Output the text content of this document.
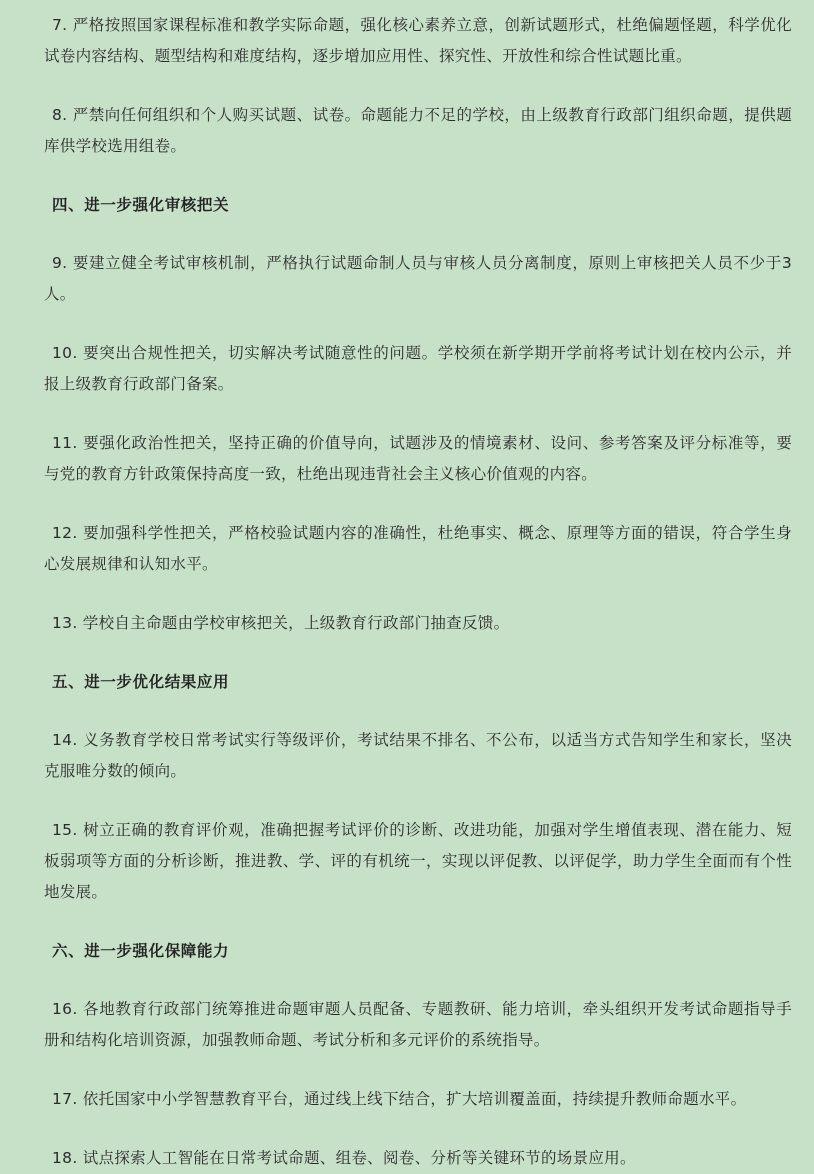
7. 严格按照国家课程标准和教学实际命题，强化核心素养立意，创新试题形式，杜绝偏题怪题，科学优化试卷内容结构、题型结构和难度结构，逐步增加应用性、探究性、开放性和综合性试题比重。

8. 严禁向任何组织和个人购买试题、试卷。命题能力不足的学校，由上级教育行政部门组织命题，提供题库供学校选用组卷。

四、进一步强化审核把关

9. 要建立健全考试审核机制，严格执行试题命制人员与审核人员分离制度，原则上审核把关人员不少于3人。

10. 要突出合规性把关，切实解决考试随意性的问题。学校须在新学期开学前将考试计划在校内公示，并报上级教育行政部门备案。

11. 要强化政治性把关，坚持正确的价值导向，试题涉及的情境素材、设问、参考答案及评分标准等，要与党的教育方针政策保持高度一致，杜绝出现违背社会主义核心价值观的内容。

12. 要加强科学性把关，严格校验试题内容的准确性，杜绝事实、概念、原理等方面的错误，符合学生身心发展规律和认知水平。

13. 学校自主命题由学校审核把关，上级教育行政部门抽查反馈。

五、进一步优化结果应用

14. 义务教育学校日常考试实行等级评价，考试结果不排名、不公布，以适当方式告知学生和家长，坚决克服唯分数的倾向。

15. 树立正确的教育评价观，准确把握考试评价的诊断、改进功能，加强对学生增值表现、潜在能力、短板弱项等方面的分析诊断，推进教、学、评的有机统一，实现以评促教、以评促学，助力学生全面而有个性地发展。

六、进一步强化保障能力

16. 各地教育行政部门统筹推进命题审题人员配备、专题教研、能力培训，牵头组织开发考试命题指导手册和结构化培训资源，加强教师命题、考试分析和多元评价的系统指导。

17. 依托国家中小学智慧教育平台，通过线上线下结合，扩大培训覆盖面，持续提升教师命题水平。

18. 试点探索人工智能在日常考试命题、组卷、阅卷、分析等关键环节的场景应用。
